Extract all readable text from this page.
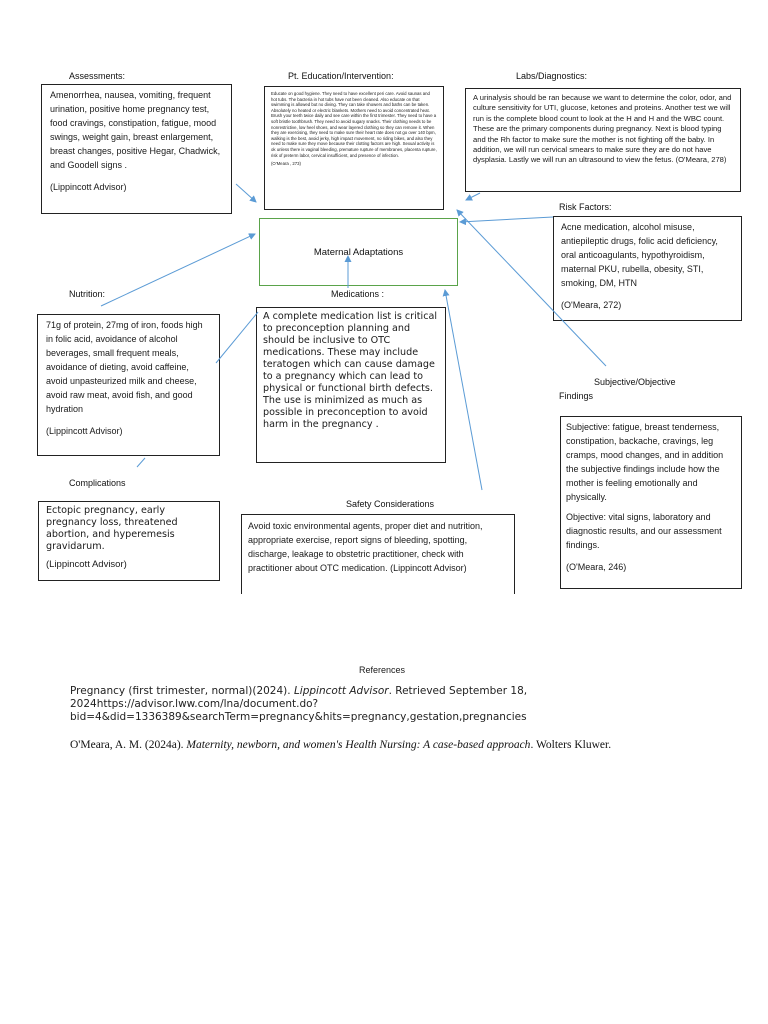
Assessments:	Pt. Education/Intervention:	Labs/Diagnostics:
Risk Factors:
Nutrition:	Medications :
Subjective/Objective
Findings
Complications
Safety Considerations

Amenorrhea, nausea, vomiting, frequent urination, positive home pregnancy test, food cravings, constipation, fatigue, mood swings, weight gain, breast enlargement, breast changes, positive Hegar, Chadwick, and Goodell signs .

(Lippincott Advisor)

Educate on good hygiene. They need to have excellent peri care. Avoid saunas and hot tubs. The bacteria in hot tubs have not been cleaned. Also educate on that swimming is allowed but no diving. They can take showers and baths can be taken. Absolutely no heated or electric blankets. Mothers need to avoid concentrated heat. Brush your teeth twice daily and see care within the first trimester. They need to have a soft bristle toothbrush. They need to avoid sugary snacks. Their clothing needs to be nonrestrictive, low heel shoes, and wear layered clothing so they can remove it. When they are exercising, they need to make sure their heart rate does not go over 140 bpm, walking is the best, avoid jerky, high impact movement, no riding bikes, and also they need to make sure they move because their clotting factors are high. Sexual activity is ok unless there is vaginal bleeding, premature rupture of membranes, placenta rupture, risk of preterm labor, cervical insufficient, and presence of infection.

(O'Meara , 273)

A urinalysis should be ran because we want to determine the color, odor, and culture sensitivity for UTI, glucose, ketones and proteins. Another test we will run is the complete blood count to look at the H and H and the WBC count. These are the primary components during pregnancy. Next is blood typing and the Rh factor to make sure the mother is not fighting off the baby. In addition, we will run cervical smears to make sure they are do not have dysplasia. Lastly we will run an ultrasound to view the fetus. (O'Meara, 278)

Acne medication, alcohol misuse, antiepileptic drugs, folic acid deficiency, oral anticoagulants, hypothyroidism, maternal PKU, rubella, obesity, STI, smoking, DM, HTN

(O'Meara, 272)

Maternal Adaptations

71g of protein, 27mg of iron, foods high in folic acid, avoidance of alcohol beverages, small frequent meals, avoidance of dieting, avoid caffeine, avoid unpasteurized milk and cheese, avoid raw meat, avoid fish, and good hydration

(Lippincott Advisor)

A complete medication list is critical to preconception planning and should be inclusive to OTC medications. These may include teratogen which can cause damage to a pregnancy which can lead to physical or functional birth defects. The use is minimized as much as possible in preconception to avoid harm in the pregnancy .	Subjective: fatigue, breast tenderness, constipation, backache, cravings, leg cramps, mood changes, and in addition the subjective findings include how the mother is feeling emotionally and physically.

Objective: vital signs, laboratory and diagnostic results, and our assessment findings.

(O'Meara, 246)

Ectopic pregnancy, early pregnancy loss, threatened abortion, and hyperemesis gravidarum.

(Lippincott Advisor)

Avoid toxic environmental agents, proper diet and nutrition, appropriate exercise, report signs of bleeding, spotting, discharge, leakage to obstetric practitioner, check with practitioner about OTC medication. (Lippincott Advisor)

References
Pregnancy (first trimester, normal)(2024). Lippincott Advisor. Retrieved September 18,
2024https://advisor.lww.com/lna/document.do?
bid=4&did=1336389&searchTerm=pregnancy&hits=pregnancy,gestation,pregnancies
O'Meara, A. M. (2024a). Maternity, newborn, and women's Health Nursing: A case-based approach. Wolters Kluwer.
